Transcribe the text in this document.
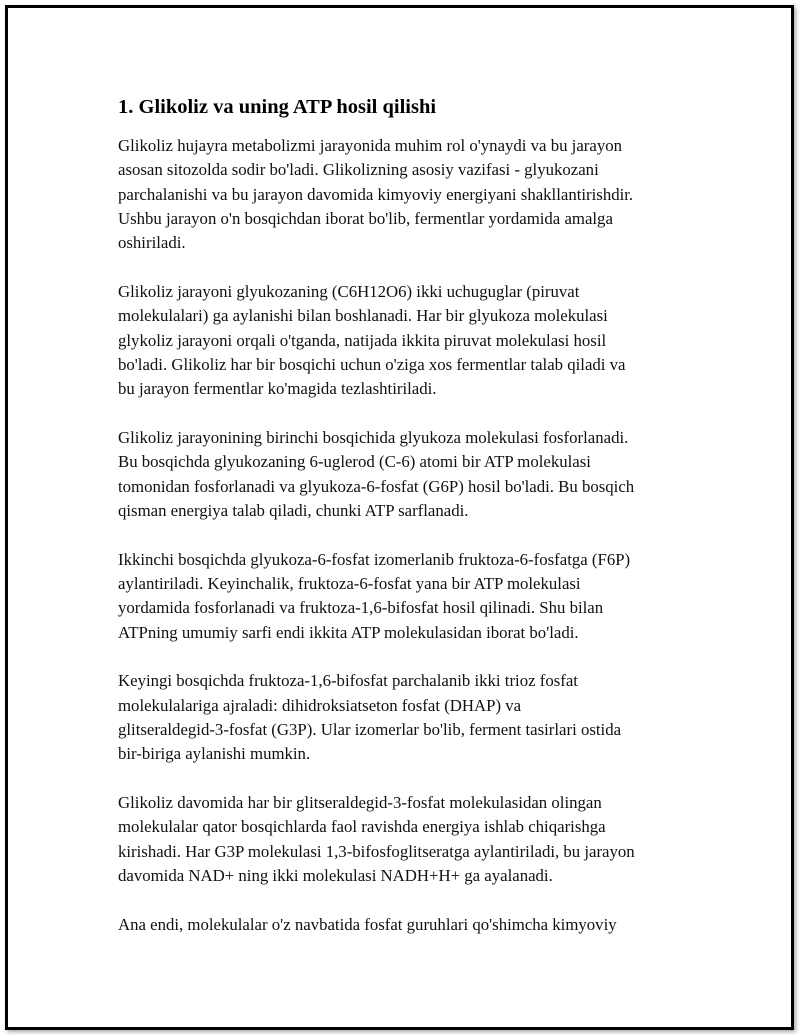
1. Glikoliz va uning ATP hosil qilishi
Glikoliz hujayra metabolizmi jarayonida muhim rol o'ynaydi va bu jarayon
asosan sitozolda sodir bo'ladi. Glikolizning asosiy vazifasi - glyukozani
parchalanishi va bu jarayon davomida kimyoviy energiyani shakllantirishdir.
Ushbu jarayon o'n bosqichdan iborat bo'lib, fermentlar yordamida amalga
oshiriladi.
Glikoliz jarayoni glyukozaning (C6H12O6) ikki uchuguglar (piruvat
molekulalari) ga aylanishi bilan boshlanadi. Har bir glyukoza molekulasi
glykoliz jarayoni orqali o'tganda, natijada ikkita piruvat molekulasi hosil
bo'ladi. Glikoliz har bir bosqichi uchun o'ziga xos fermentlar talab qiladi va
bu jarayon fermentlar ko'magida tezlashtiriladi.
Glikoliz jarayonining birinchi bosqichida glyukoza molekulasi fosforlanadi.
Bu bosqichda glyukozaning 6-uglerod (C-6) atomi bir ATP molekulasi
tomonidan fosforlanadi va glyukoza-6-fosfat (G6P) hosil bo'ladi. Bu bosqich
qisman energiya talab qiladi, chunki ATP sarflanadi.
Ikkinchi bosqichda glyukoza-6-fosfat izomerlanib fruktoza-6-fosfatga (F6P)
aylantiriladi. Keyinchalik, fruktoza-6-fosfat yana bir ATP molekulasi
yordamida fosforlanadi va fruktoza-1,6-bifosfat hosil qilinadi. Shu bilan
ATPning umumiy sarfi endi ikkita ATP molekulasidan iborat bo'ladi.
Keyingi bosqichda fruktoza-1,6-bifosfat parchalanib ikki trioz fosfat
molekulalariga ajraladi: dihidroksiatseton fosfat (DHAP) va
glitseraldegid-3-fosfat (G3P). Ular izomerlar bo'lib, ferment tasirlari ostida
bir-biriga aylanishi mumkin.
Glikoliz davomida har bir glitseraldegid-3-fosfat molekulasidan olingan
molekulalar qator bosqichlarda faol ravishda energiya ishlab chiqarishga
kirishadi. Har G3P molekulasi 1,3-bifosfoglitseratga aylantiriladi, bu jarayon
davomida NAD+ ning ikki molekulasi NADH+H+ ga ayalanadi.
Ana endi, molekulalar o'z navbatida fosfat guruhlari qo'shimcha kimyoviy
